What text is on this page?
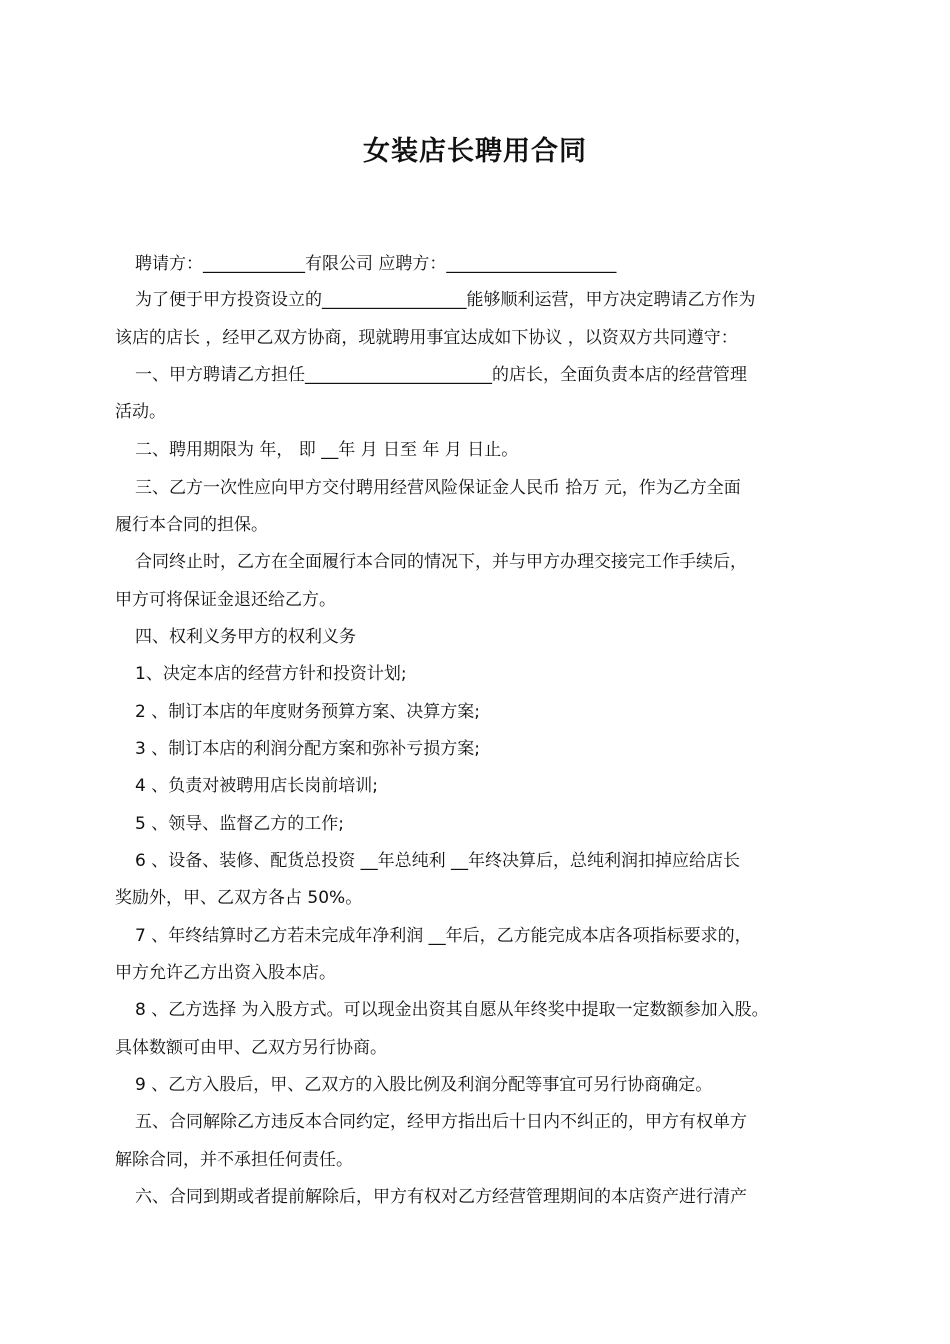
女装店长聘用合同
聘请方：____________有限公司 应聘方：____________________
为了便于甲方投资设立的_________________能够顺利运营，甲方决定聘请乙方作为
该店的店长 ，经甲乙双方协商，现就聘用事宜达成如下协议 ，以资双方共同遵守：
一、甲方聘请乙方担任______________________的店长，全面负责本店的经营管理
活动。
二、聘用期限为 年， 即 __年 月 日至 年 月 日止。
三、乙方一次性应向甲方交付聘用经营风险保证金人民币 拾万 元，作为乙方全面
履行本合同的担保。
合同终止时，乙方在全面履行本合同的情况下，并与甲方办理交接完工作手续后，
甲方可将保证金退还给乙方。
四、权利义务甲方的权利义务
1、决定本店的经营方针和投资计划;
2 、制订本店的年度财务预算方案、决算方案;
3 、制订本店的利润分配方案和弥补亏损方案;
4 、负责对被聘用店长岗前培训;
5 、领导、监督乙方的工作;
6 、设备、装修、配货总投资 __年总纯利 __年终决算后，总纯利润扣掉应给店长
奖励外，甲、乙双方各占 50%。
7 、年终结算时乙方若未完成年净利润 __年后，乙方能完成本店各项指标要求的，
甲方允许乙方出资入股本店。
8 、乙方选择 为入股方式。可以现金出资其自愿从年终奖中提取一定数额参加入股。
具体数额可由甲、乙双方另行协商。
9 、乙方入股后，甲、乙双方的入股比例及利润分配等事宜可另行协商确定。
五、合同解除乙方违反本合同约定，经甲方指出后十日内不纠正的，甲方有权单方
解除合同，并不承担任何责任。
六、合同到期或者提前解除后，甲方有权对乙方经营管理期间的本店资产进行清产
